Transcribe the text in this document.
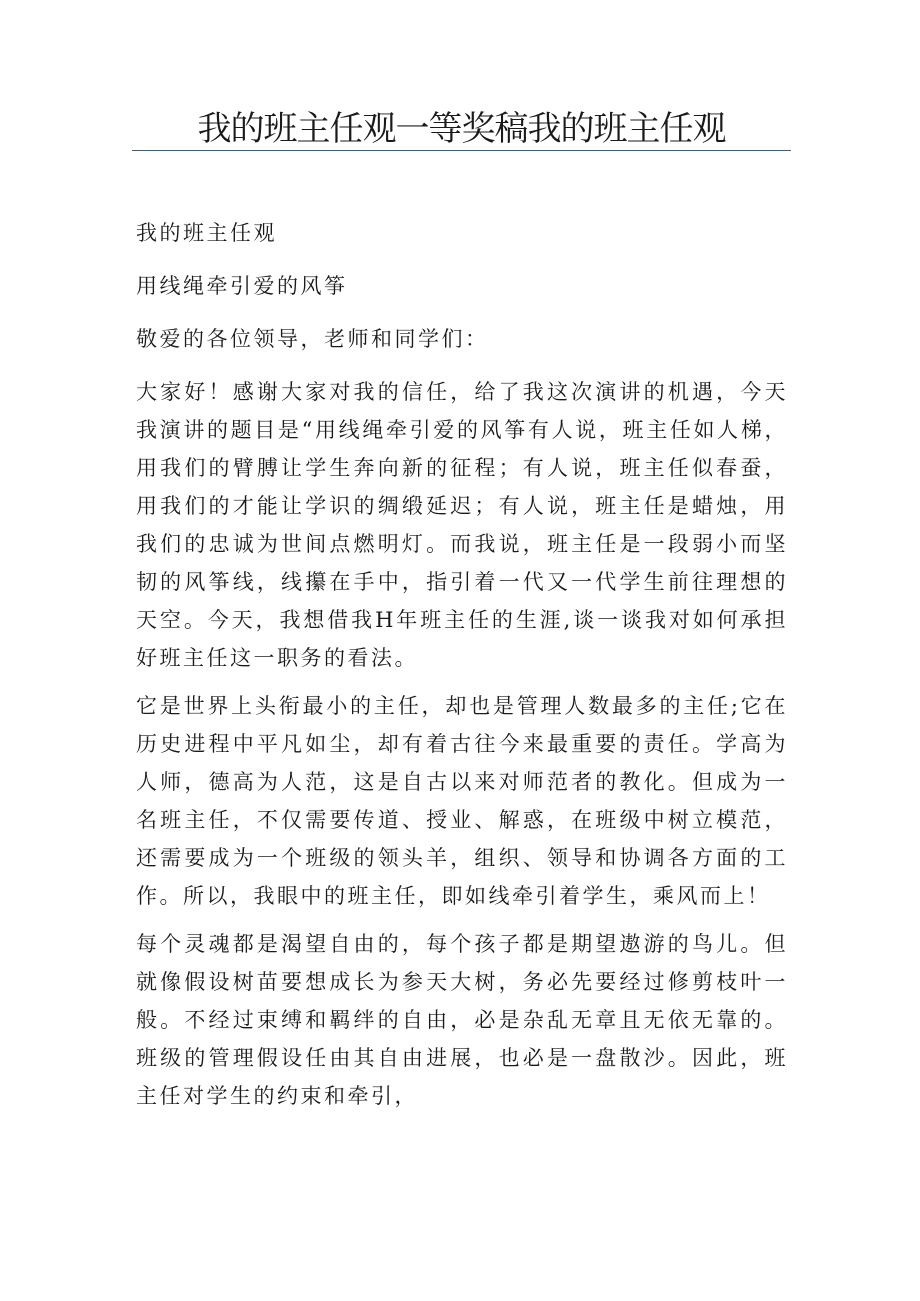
我的班主任观一等奖稿我的班主任观

我的班主任观

用线绳牵引爱的风筝

敬爱的各位领导，老师和同学们：

大家好！感谢大家对我的信任，给了我这次演讲的机遇，今天我演讲的题目是“用线绳牵引爱的风筝有人说，班主任如人梯，用我们的臂膊让学生奔向新的征程；有人说，班主任似春蚕，用我们的才能让学识的绸缎延迟；有人说，班主任是蜡烛，用我们的忠诚为世间点燃明灯。而我说，班主任是一段弱小而坚韧的风筝线，线攥在手中，指引着一代又一代学生前往理想的天空。今天，我想借我H年班主任的生涯,谈一谈我对如何承担好班主任这一职务的看法。

它是世界上头衔最小的主任，却也是管理人数最多的主任;它在历史进程中平凡如尘，却有着古往今来最重要的责任。学高为人师，德高为人范，这是自古以来对师范者的教化。但成为一名班主任，不仅需要传道、授业、解惑，在班级中树立模范，还需要成为一个班级的领头羊，组织、领导和协调各方面的工作。所以，我眼中的班主任，即如线牵引着学生，乘风而上！

每个灵魂都是渴望自由的，每个孩子都是期望遨游的鸟儿。但就像假设树苗要想成长为参天大树，务必先要经过修剪枝叶一般。不经过束缚和羁绊的自由，必是杂乱无章且无依无靠的。班级的管理假设任由其自由进展，也必是一盘散沙。因此，班主任对学生的约束和牵引，
